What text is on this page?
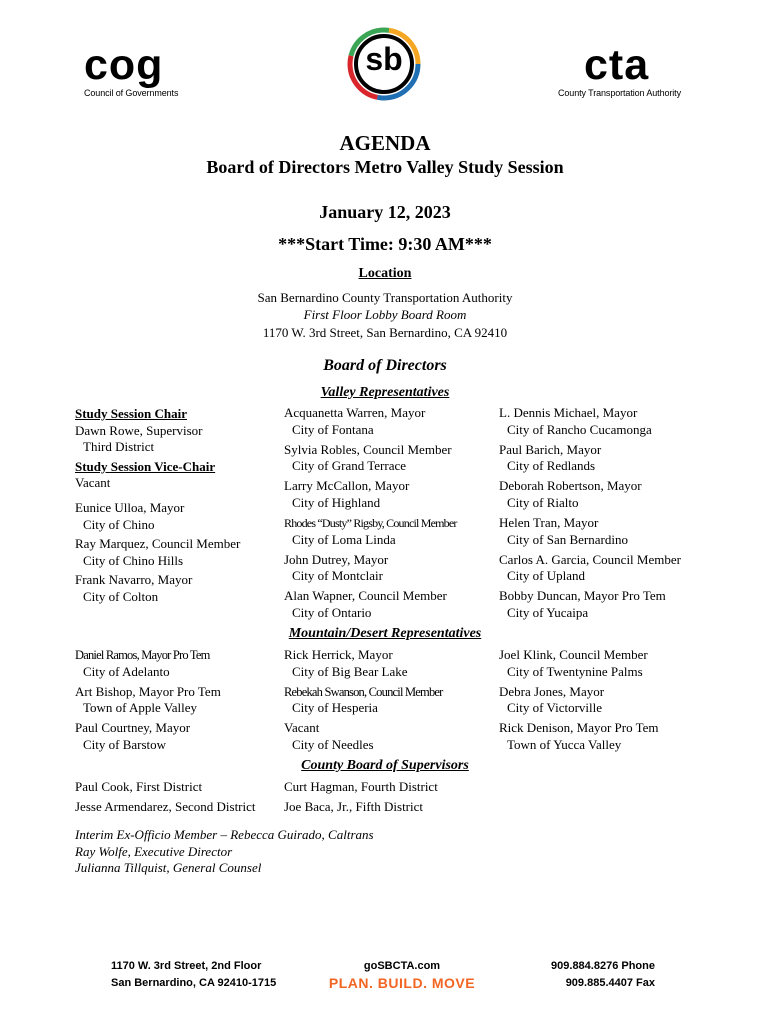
cog
Council of Governments
sb	cta
County Transportation Authority
AGENDA
Board of Directors Metro Valley Study Session
January 12, 2023
***Start Time: 9:30 AM***
Location
San Bernardino County Transportation Authority
First Floor Lobby Board Room
1170 W. 3rd Street, San Bernardino, CA 92410
Board of Directors
Valley Representatives
Study Session Chair
Dawn Rowe, Supervisor
Third District
Study Session Vice-Chair
Vacant
Eunice Ulloa, Mayor
City of Chino
Ray Marquez, Council Member
City of Chino Hills
Frank Navarro, Mayor
City of Colton
Acquanetta Warren, Mayor
City of Fontana
Sylvia Robles, Council Member
City of Grand Terrace
Larry McCallon, Mayor
City of Highland
Rhodes “Dusty” Rigsby, Council Member
City of Loma Linda
John Dutrey, Mayor
City of Montclair
Alan Wapner, Council Member
City of Ontario
L. Dennis Michael, Mayor
City of Rancho Cucamonga
Paul Barich, Mayor
City of Redlands
Deborah Robertson, Mayor
City of Rialto
Helen Tran, Mayor
City of San Bernardino
Carlos A. Garcia, Council Member
City of Upland
Bobby Duncan, Mayor Pro Tem
City of Yucaipa
Mountain/Desert Representatives
Daniel Ramos, Mayor Pro Tem
City of Adelanto
Art Bishop, Mayor Pro Tem
Town of Apple Valley
Paul Courtney, Mayor
City of Barstow
Rick Herrick, Mayor
City of Big Bear Lake
Rebekah Swanson, Council Member
City of Hesperia
Vacant
City of Needles
Joel Klink, Council Member
City of Twentynine Palms
Debra Jones, Mayor
City of Victorville
Rick Denison, Mayor Pro Tem
Town of Yucca Valley
County Board of Supervisors
Paul Cook, First District
Jesse Armendarez, Second District
Curt Hagman, Fourth District
Joe Baca, Jr., Fifth District
Interim Ex-Officio Member – Rebecca Guirado, Caltrans
Ray Wolfe, Executive Director
Julianna Tillquist, General Counsel
1170 W. 3rd Street, 2nd Floor
San Bernardino, CA 92410-1715
goSBCTA.com
PLAN. BUILD. MOVE
909.884.8276 Phone
909.885.4407 Fax
